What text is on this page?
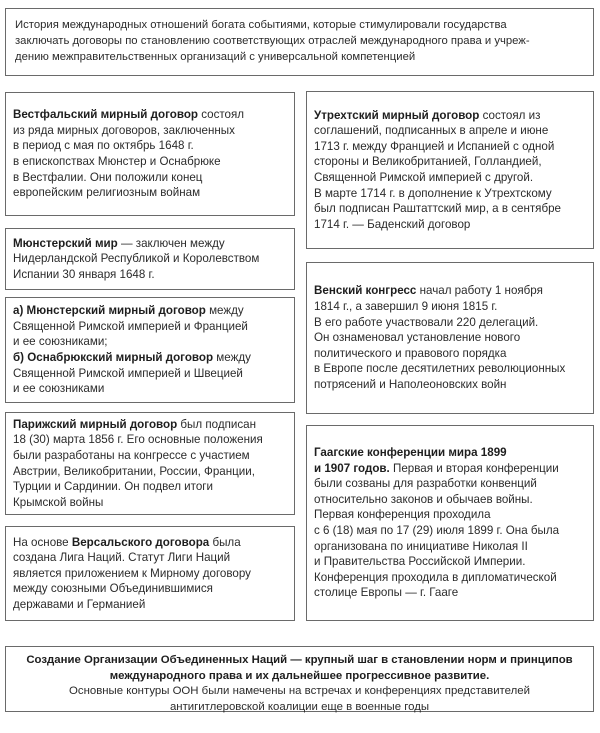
История международных отношений богата событиями, которые стимулировали государства
заключать договоры по становлению соответствующих отраслей международного права и учреж-
дению межправительственных организаций с универсальной компетенцией
Вестфальский мирный договор состоял
из ряда мирных договоров, заключенных
в период с мая по октябрь 1648 г.
в епископствах Мюнстер и Оснабрюке
в Вестфалии. Они положили конец
европейским религиозным войнам
Мюнстерский мир — заключен между
Нидерландской Республикой и Королевством
Испании 30 января 1648 г.
а) Мюнстерский мирный договор между
Священной Римской империей и Францией
и ее союзниками;
б) Оснабрюкский мирный договор между
Священной Римской империей и Швецией
и ее союзниками
Парижский мирный договор был подписан
18 (30) марта 1856 г. Его основные положения
были разработаны на конгрессе с участием
Австрии, Великобритании, России, Франции,
Турции и Сардинии. Он подвел итоги
Крымской войны
На основе Версальского договора была
создана Лига Наций. Статут Лиги Наций
является приложением к Мирному договору
между союзными Объединившимися
державами и Германией
Утрехтский мирный договор состоял из
соглашений, подписанных в апреле и июне
1713 г. между Францией и Испанией с одной
стороны и Великобританией, Голландией,
Священной Римской империей с другой.
В марте 1714 г. в дополнение к Утрехтскому
был подписан Раштаттский мир, а в сентябре
1714 г. — Баденский договор
Венский конгресс начал работу 1 ноября
1814 г., а завершил 9 июня 1815 г.
В его работе участвовали 220 делегаций.
Он ознаменовал установление нового
политического и правового порядка
в Европе после десятилетних революционных
потрясений и Наполеоновских войн
Гаагские конференции мира 1899
и 1907 годов. Первая и вторая конференции
были созваны для разработки конвенций
относительно законов и обычаев войны.
Первая конференция проходила
с 6 (18) мая по 17 (29) июля 1899 г. Она была
организована по инициативе Николая II
и Правительства Российской Империи.
Конференция проходила в дипломатической
столице Европы — г. Гааге
Создание Организации Объединенных Наций — крупный шаг в становлении норм и принципов
международного права и их дальнейшее прогрессивное развитие.
Основные контуры ООН были намечены на встречах и конференциях представителей
антигитлеровской коалиции еще в военные годы
